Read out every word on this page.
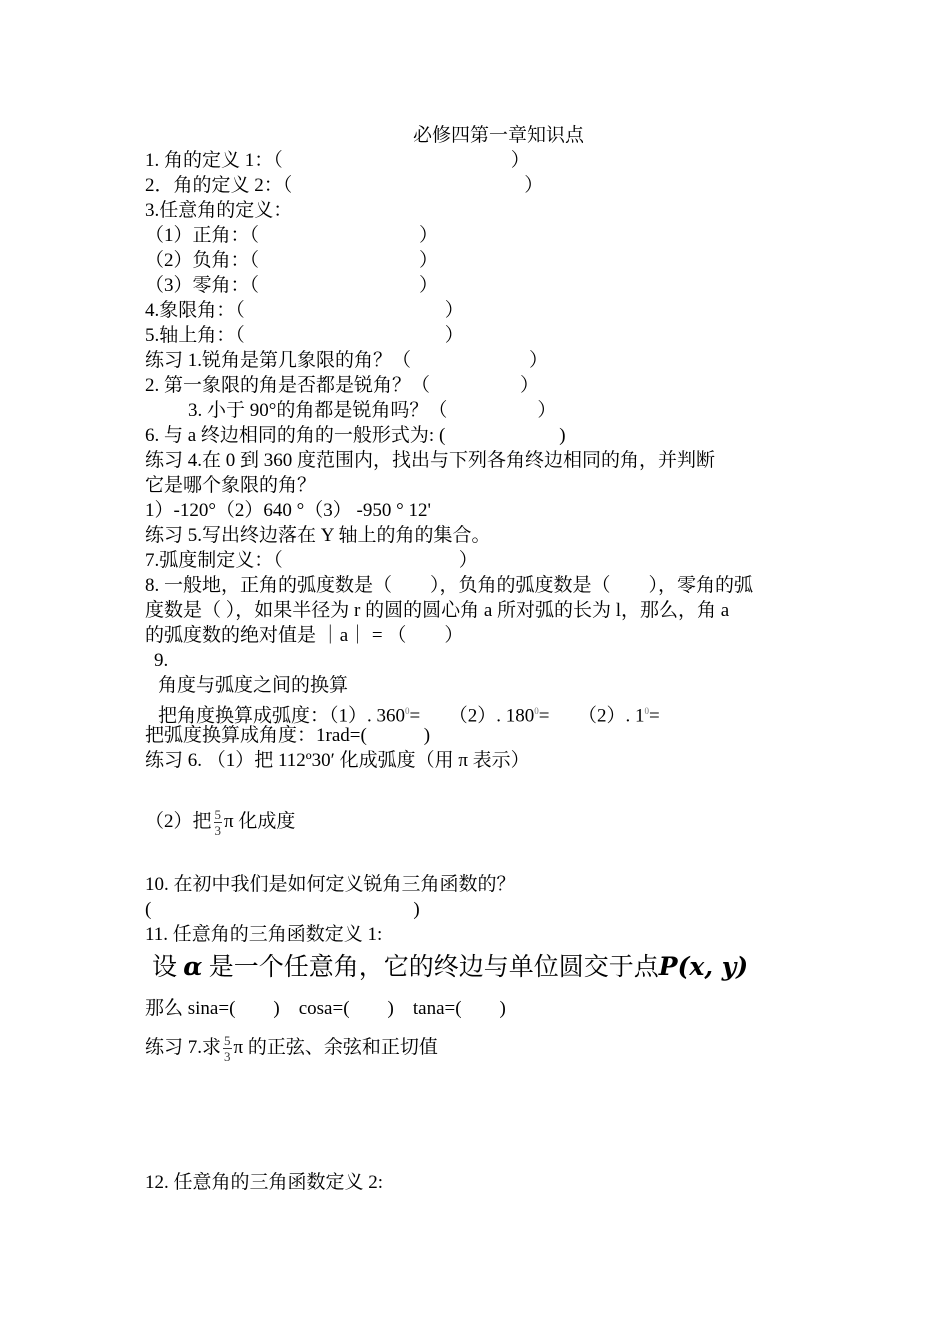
必修四第一章知识点
1. 角的定义 1：（	）
2．角的定义 2：（	）
3.任意角的定义：
（1）正角：（	）
（2）负角：（	）
（3）零角：（	）
4.象限角：（	）
5.轴上角：（	）
练习 1.锐角是第几象限的角？（	）
2. 第一象限的角是否都是锐角？（	）
3. 小于 90°的角都是锐角吗？（	）
6. 与 a 终边相同的角的一般形式为: (	)
练习 4.在 0 到 360 度范围内，找出与下列各角终边相同的角，并判断
它是哪个象限的角？
1）-120°（2）640 °（3） -950 ° 12'
练习 5.写出终边落在 Y 轴上的角的集合。
7.弧度制定义：（	）
8. 一般地，正角的弧度数是（　　），负角的弧度数是（　　），零角的弧
度数是（ ），如果半径为 r 的圆的圆心角 a 所对弧的长为 l，那么，角 a
的弧度数的绝对值是 ｜a｜ = （　　）
9.
角度与弧度之间的换算
把角度换算成弧度：（1）. $360^0=$　　（2）. $180^0=$　　（2）. $1^0=$
把弧度换算成角度：1rad=(　　　)
练习 6. （1）把 112º30′ 化成弧度（用 π 表示）
（2）把 $\frac{5}{3}$ π 化成度
10. 在初中我们是如何定义锐角三角函数的？
(	)
11. 任意角的三角函数定义 1:
设 α 是一个任意角，它的终边与单位圆交于点P(x, y)
那么 sina=(　　)　cosa=(　　)　tana=(　　)
练习 7.求 $\frac{5}{3}$ π 的正弦、余弦和正切值
12. 任意角的三角函数定义 2:
